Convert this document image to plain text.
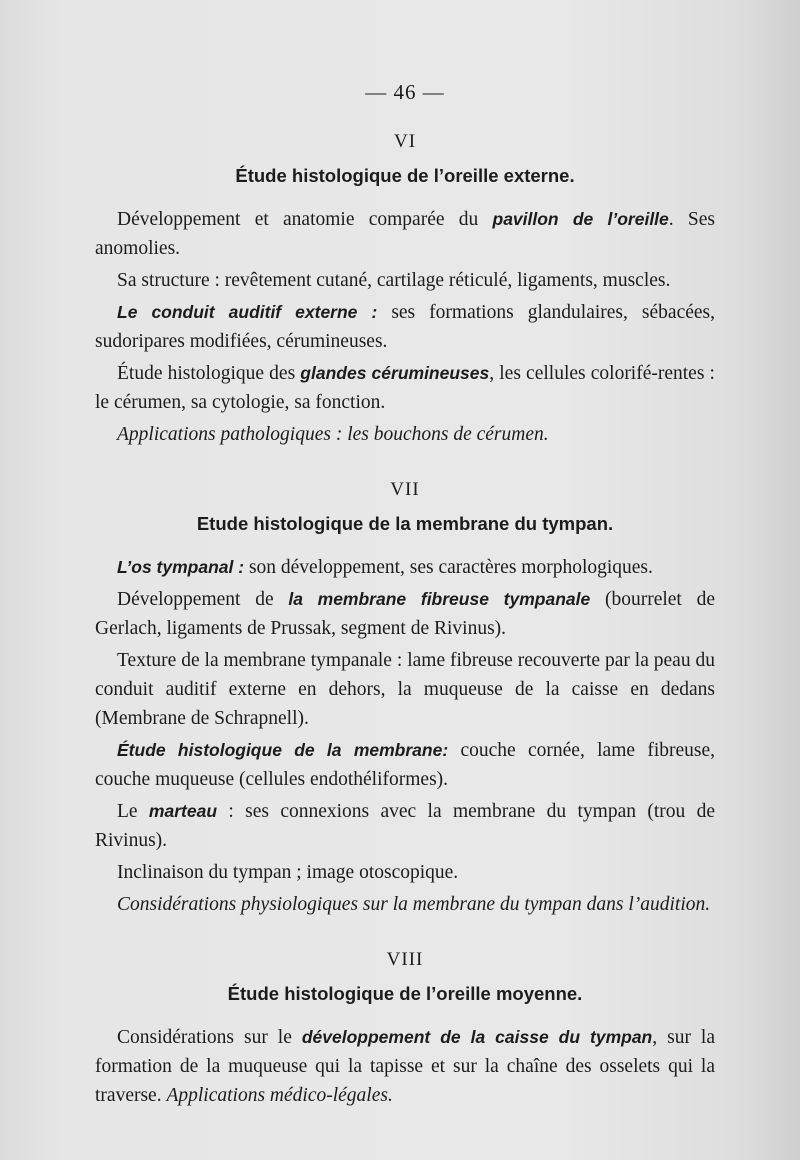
— 46 —
VI
Étude histologique de l’oreille externe.

Développement et anatomie comparée du pavillon de l’oreille. Ses anomolies.

Sa structure : revêtement cutané, cartilage réticulé, ligaments, muscles.

Le conduit auditif externe : ses formations glandulaires, sébacées, sudoripares modifiées, cérumineuses.

Étude histologique des glandes cérumineuses, les cellules colorifé-rentes : le cérumen, sa cytologie, sa fonction.

Applications pathologiques : les bouchons de cérumen.

VII
Etude histologique de la membrane du tympan.

L’os tympanal : son développement, ses caractères morphologiques.

Développement de la membrane fibreuse tympanale (bourrelet de Gerlach, ligaments de Prussak, segment de Rivinus).

Texture de la membrane tympanale : lame fibreuse recouverte par la peau du conduit auditif externe en dehors, la muqueuse de la caisse en dedans (Membrane de Schrapnell).

Étude histologique de la membrane: couche cornée, lame fibreuse, couche muqueuse (cellules endothéliformes).

Le marteau : ses connexions avec la membrane du tympan (trou de Rivinus).

Inclinaison du tympan ; image otoscopique.

Considérations physiologiques sur la membrane du tympan dans l’audition.

VIII
Étude histologique de l’oreille moyenne.

Considérations sur le développement de la caisse du tympan, sur la formation de la muqueuse qui la tapisse et sur la chaîne des osselets qui la traverse. Applications médico-légales.
